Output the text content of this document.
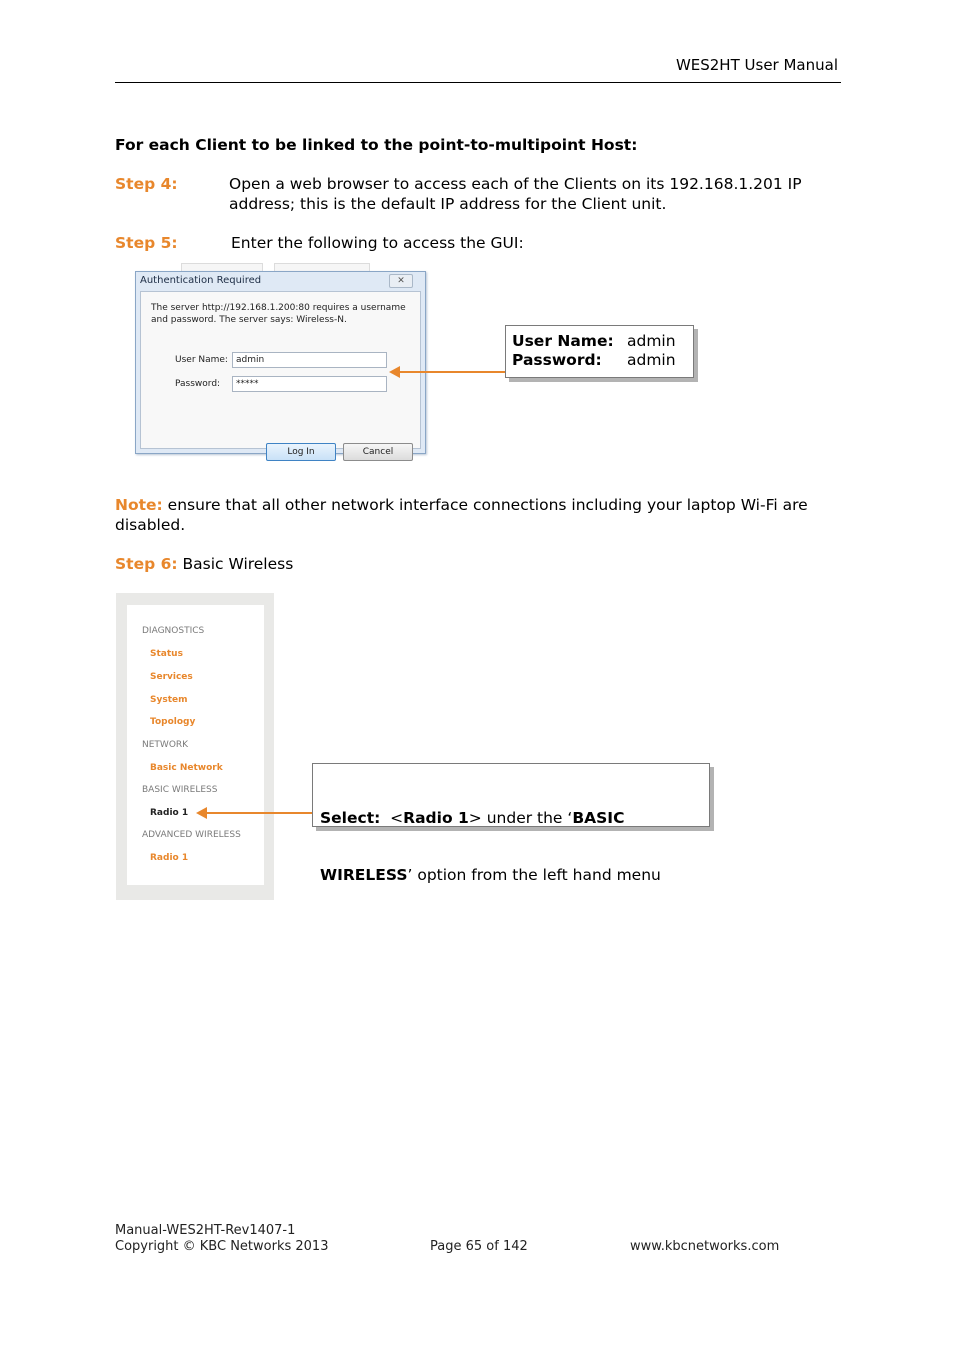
WES2HT User Manual
For each Client to be linked to the point-to-multipoint Host:
Step 4:	Open a web browser to access each of the Clients on its 192.168.1.201 IP
address; this is the default IP address for the Client unit.
Step 5:	Enter the following to access the GUI:
Authentication Required	✕
The server http://192.168.1.200:80 requires a username and password. The server says: Wireless-N.
User Name: admin
Password:	*****
Log In	Cancel
User Name: admin
Password: admin
Note: ensure that all other network interface connections including your laptop Wi-Fi are
disabled.
Step 6: Basic Wireless
DIAGNOSTICS
Status
Services
System
Topology
NETWORK
Basic Network
BASIC WIRELESS
Radio 1
ADVANCED WIRELESS
Radio 1

Select:  <Radio 1> under the ‘BASIC

WIRELESS’ option from the left hand menu

Manual-WES2HT-Rev1407-1
Copyright © KBC Networks 2013	Page 65 of 142	www.kbcnetworks.com
